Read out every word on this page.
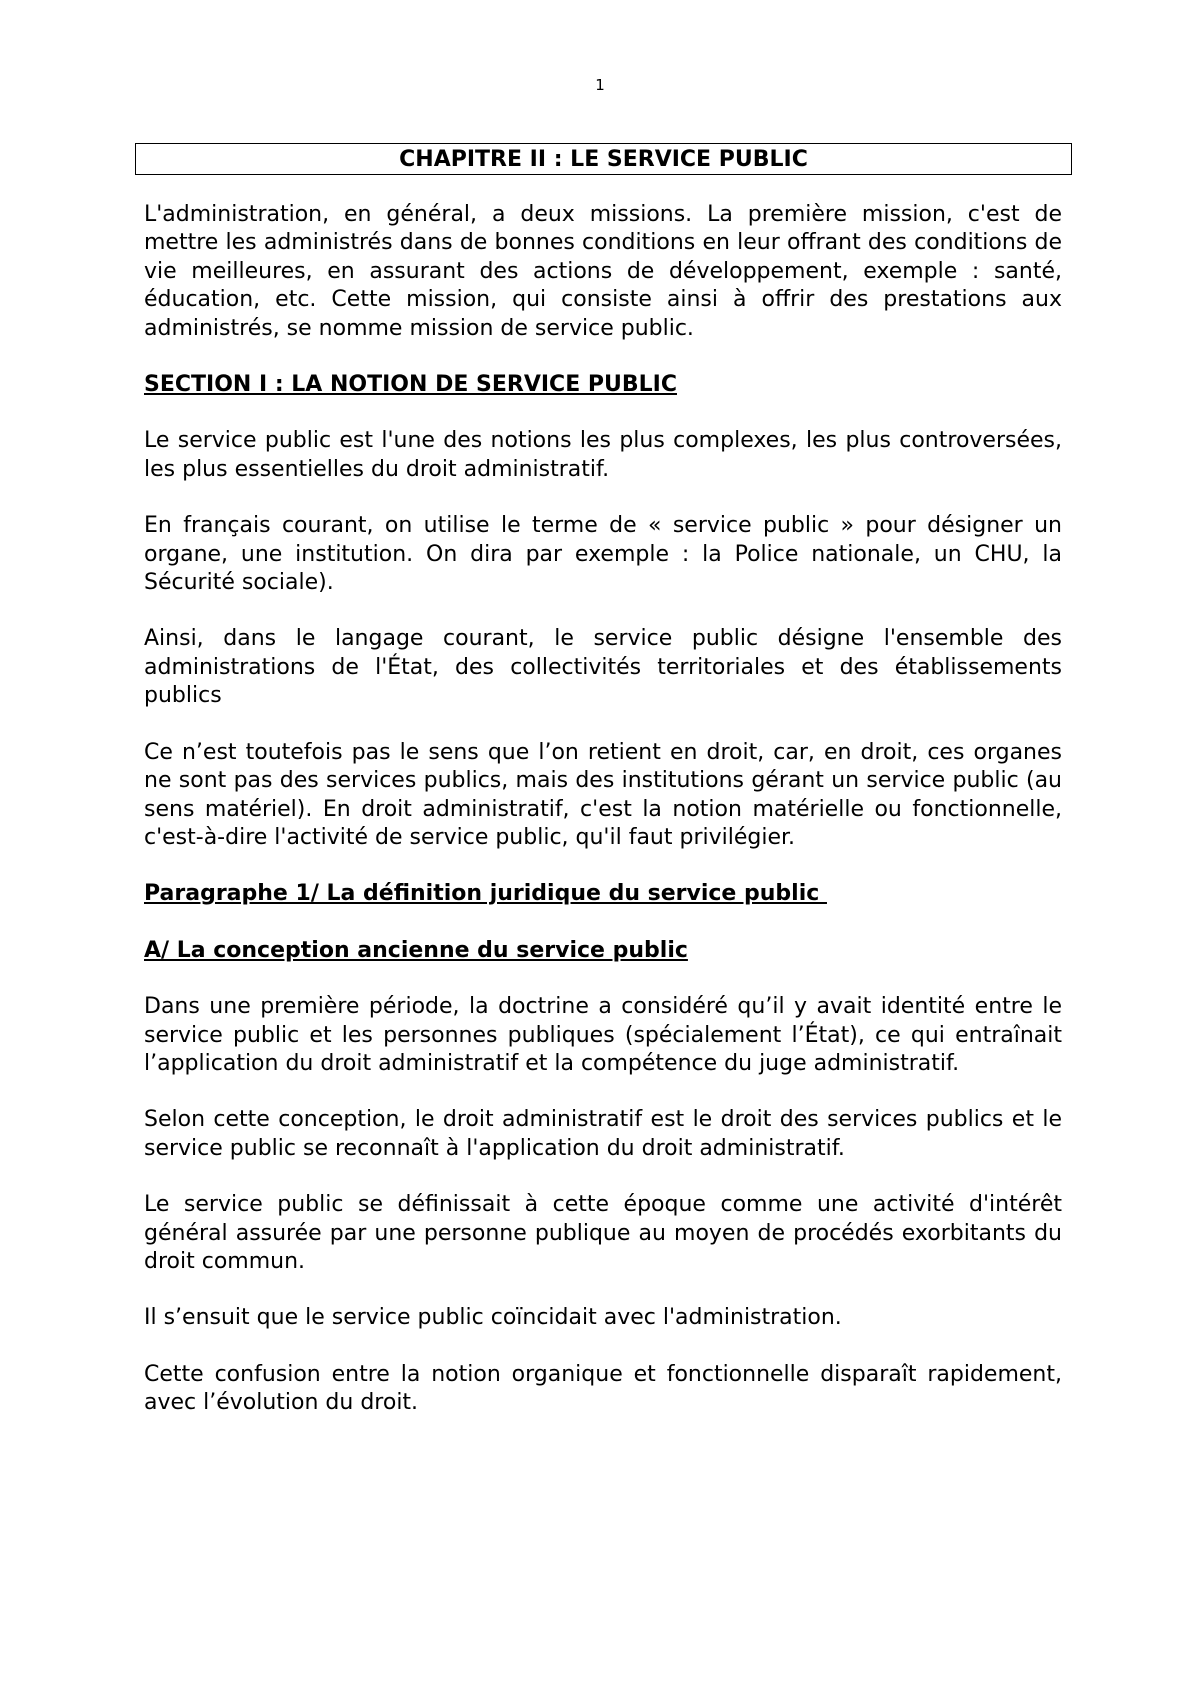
1
CHAPITRE II : LE SERVICE PUBLIC

L'administration, en général, a deux missions. La première mission, c'est de mettre les administrés dans de bonnes conditions en leur offrant des conditions de vie meilleures, en assurant des actions de développement, exemple : santé, éducation, etc. Cette mission, qui consiste ainsi à offrir des prestations aux administrés, se nomme mission de service public.

SECTION I : LA NOTION DE SERVICE PUBLIC

Le service public est l'une des notions les plus complexes, les plus controversées, les plus essentielles du droit administratif.

En français courant, on utilise le terme de « service public » pour désigner un organe, une institution. On dira par exemple : la Police nationale, un CHU, la Sécurité sociale).

Ainsi, dans le langage courant, le service public désigne l'ensemble des administrations de l'État, des collectivités territoriales et des établissements publics

Ce n’est toutefois pas le sens que l’on retient en droit, car, en droit, ces organes ne sont pas des services publics, mais des institutions gérant un service public (au sens matériel). En droit administratif, c'est la notion matérielle ou fonctionnelle, c'est-à-dire l'activité de service public, qu'il faut privilégier.

Paragraphe 1/ La définition juridique du service public

A/ La conception ancienne du service public

Dans une première période, la doctrine a considéré qu’il y avait identité entre le service public et les personnes publiques (spécialement l’État), ce qui entraînait l’application du droit administratif et la compétence du juge administratif.

Selon cette conception, le droit administratif est le droit des services publics et le service public se reconnaît à l'application du droit administratif.

Le service public se définissait à cette époque comme une activité d'intérêt général assurée par une personne publique au moyen de procédés exorbitants du droit commun.

Il s’ensuit que le service public coïncidait avec l'administration.

Cette confusion entre la notion organique et fonctionnelle disparaît rapidement, avec l’évolution du droit.
